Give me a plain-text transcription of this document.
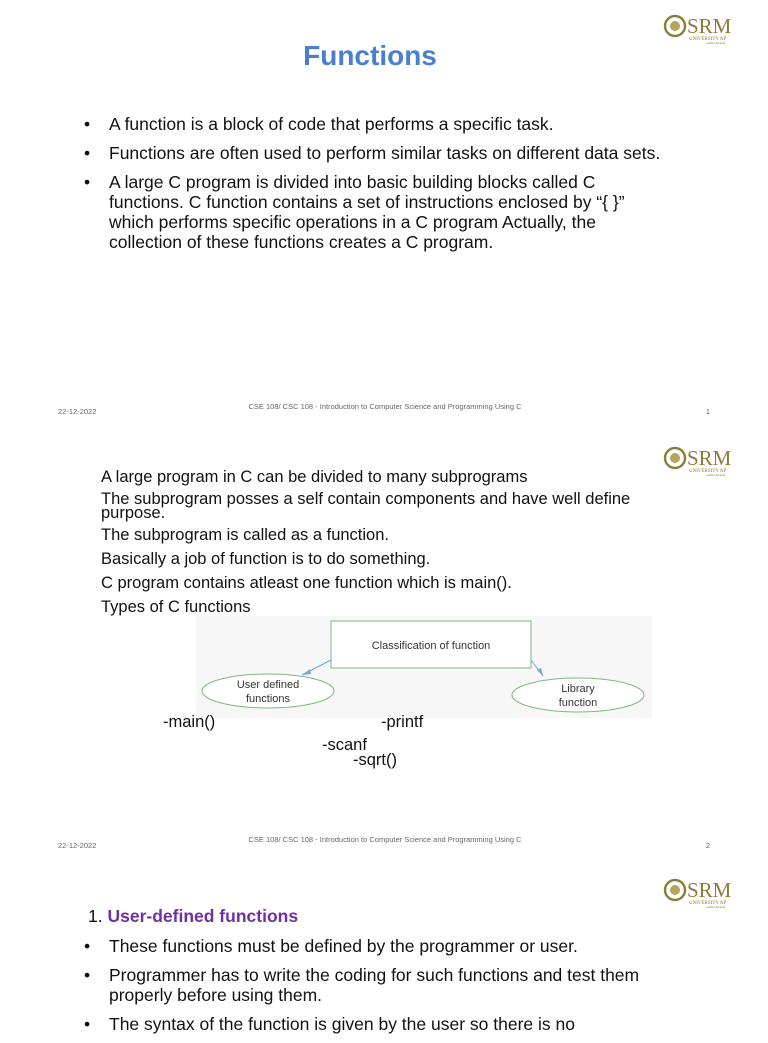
SRM
UNIVERSITY AP
Andhra Pradesh
Functions
• A function is a block of code that performs a specific task.
• Functions are often used to perform similar tasks on different data sets.
• A large C program is divided into basic building blocks called C functions. C function contains a set of instructions enclosed by “{ }” which performs specific operations in a C program Actually, the collection of these functions creates a C program.
22-12-2022
CSE 108/ CSC 108 - Introduction to Computer Science and Programming Using C
1
SRM
UNIVERSITY AP
Andhra Pradesh
A large program in C can be divided to many subprograms
The subprogram posses a self contain components and have well define purpose.
The subprogram is called as a function.
Basically a job of function is to do something.
C program contains atleast one function which is main().
Types of C functions
Classification of function
User defined
functions
Library
function
-main()	-printf
-scanf
-sqrt()
22-12-2022
CSE 108/ CSC 108 - Introduction to Computer Science and Programming Using C
2
SRM
UNIVERSITY AP
Andhra Pradesh
1. User-defined functions
• These functions must be defined by the programmer or user.
• Programmer has to write the coding for such functions and test them properly before using them.
• The syntax of the function is given by the user so there is no
